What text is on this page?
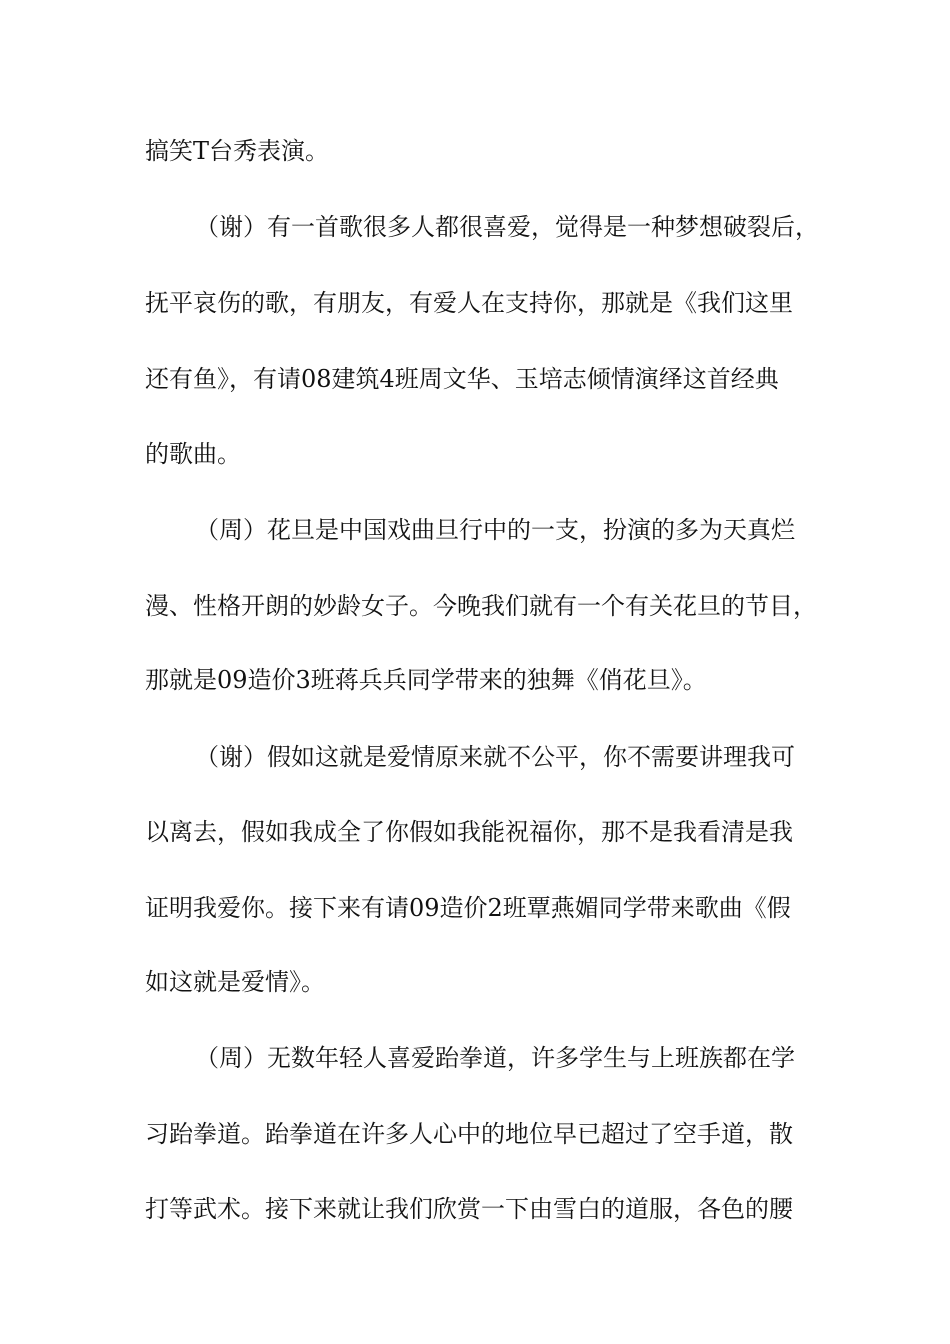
搞笑T台秀表演。
（谢）有一首歌很多人都很喜爱，觉得是一种梦想破裂后，
抚平哀伤的歌，有朋友，有爱人在支持你，那就是《我们这里
还有鱼》，有请08建筑4班周文华、玉培志倾情演绎这首经典
的歌曲。
（周）花旦是中国戏曲旦行中的一支，扮演的多为天真烂
漫、性格开朗的妙龄女子。今晚我们就有一个有关花旦的节目，
那就是09造价3班蒋兵兵同学带来的独舞《俏花旦》。
（谢）假如这就是爱情原来就不公平，你不需要讲理我可
以离去，假如我成全了你假如我能祝福你，那不是我看清是我
证明我爱你。接下来有请09造价2班覃燕媚同学带来歌曲《假
如这就是爱情》。
（周）无数年轻人喜爱跆拳道，许多学生与上班族都在学
习跆拳道。跆拳道在许多人心中的地位早已超过了空手道，散
打等武术。接下来就让我们欣赏一下由雪白的道服，各色的腰
